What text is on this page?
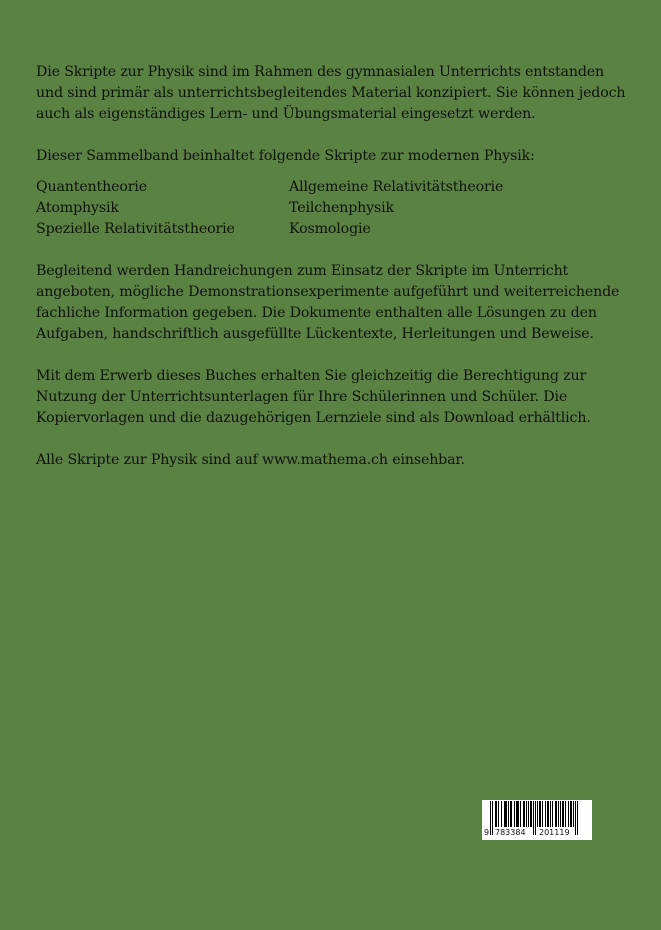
Die Skripte zur Physik sind im Rahmen des gymnasialen Unterrichts entstanden
und sind primär als unterrichtsbegleitendes Material konzipiert. Sie können jedoch
auch als eigenständiges Lern- und Übungsmaterial eingesetzt werden.

Dieser Sammelband beinhaltet folgende Skripte zur modernen Physik:

Quantentheorie
Atomphysik
Spezielle Relativitätstheorie
Allgemeine Relativitätstheorie
Teilchenphysik
Kosmologie

Begleitend werden Handreichungen zum Einsatz der Skripte im Unterricht
angeboten, mögliche Demonstrationsexperimente aufgeführt und weiterreichende
fachliche Information gegeben. Die Dokumente enthalten alle Lösungen zu den
Aufgaben, handschriftlich ausgefüllte Lückentexte, Herleitungen und Beweise.

Mit dem Erwerb dieses Buches erhalten Sie gleichzeitig die Berechtigung zur
Nutzung der Unterrichtsunterlagen für Ihre Schülerinnen und Schüler. Die
Kopiervorlagen und die dazugehörigen Lernziele sind als Download erhältlich.

Alle Skripte zur Physik sind auf www.mathema.ch einsehbar.

9 783384 201119
